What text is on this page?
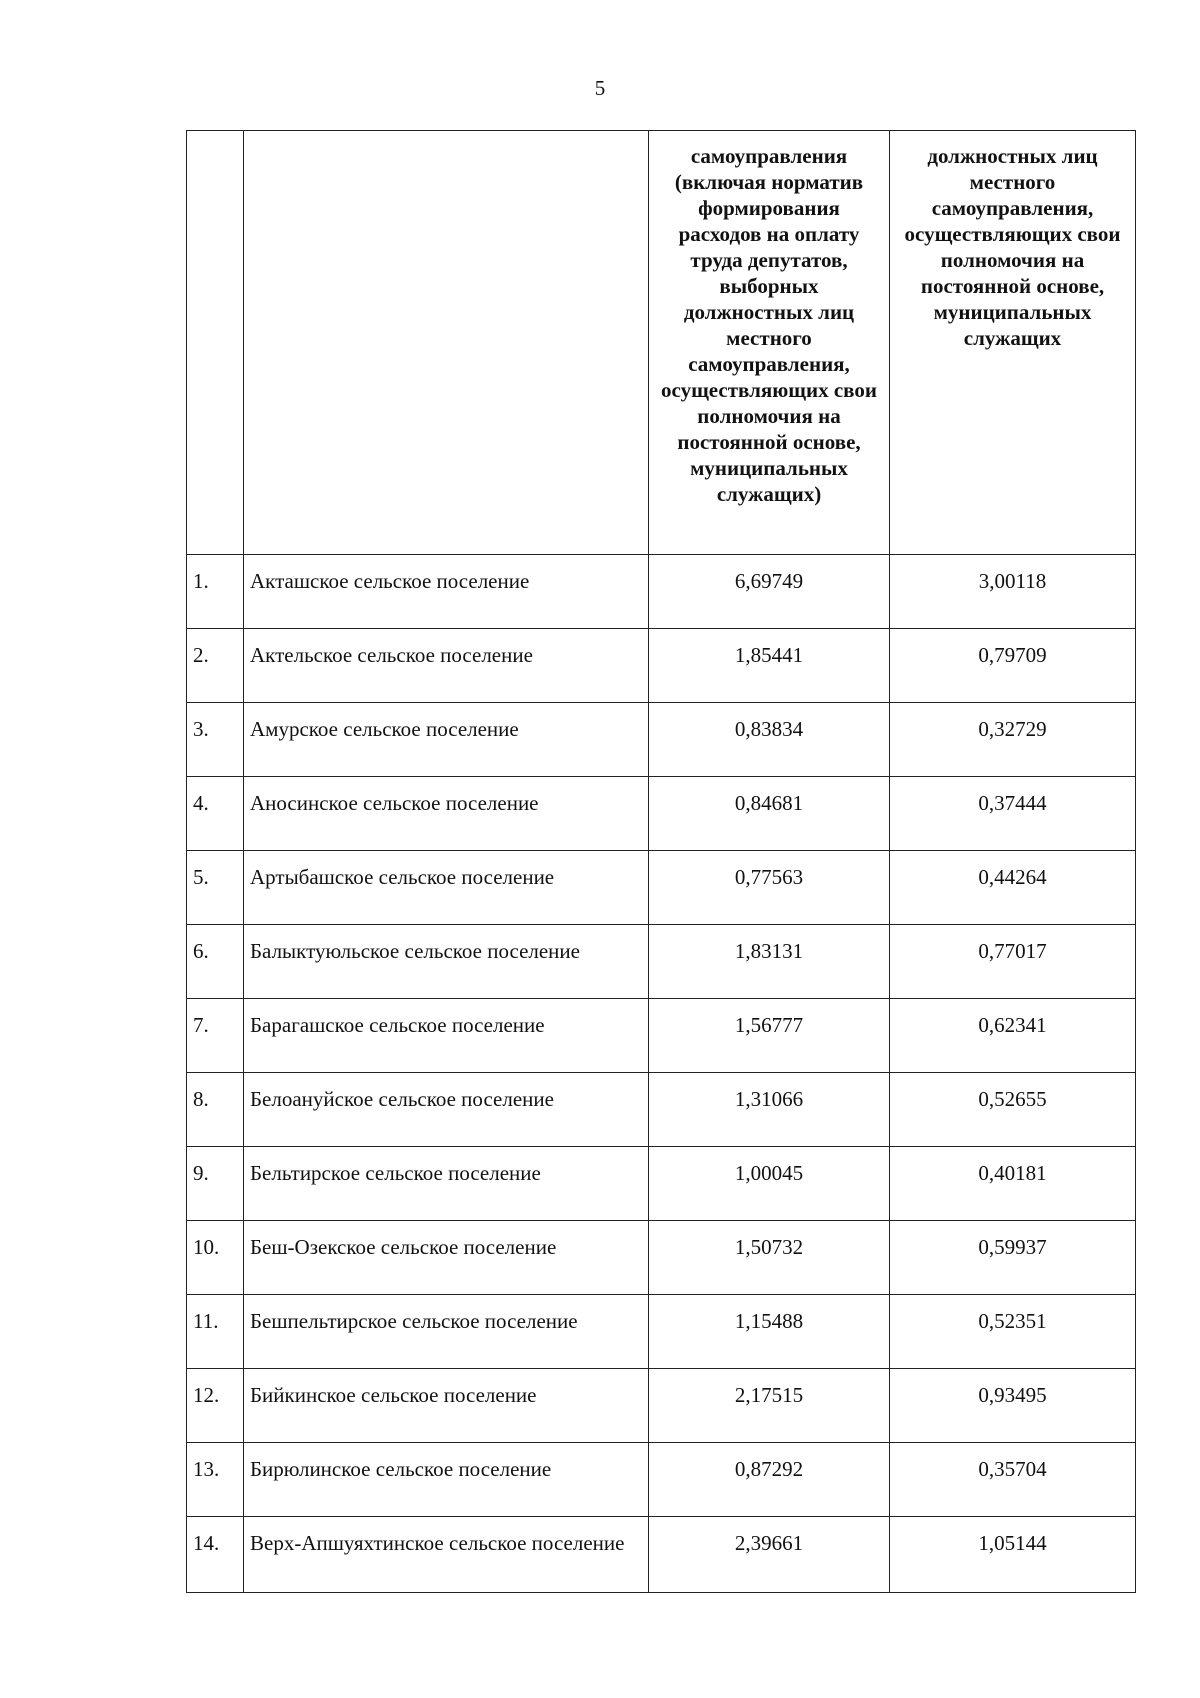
5
		самоуправления (включая норматив формирования расходов на оплату труда депутатов, выборных должностных лиц местного самоуправления, осуществляющих свои полномочия на постоянной основе, муниципальных служащих)	должностных лиц местного самоуправления, осуществляющих свои полномочия на постоянной основе, муниципальных служащих
1.	Акташское сельское поселение	6,69749	3,00118
2.	Актельское сельское поселение	1,85441	0,79709
3.	Амурское сельское поселение	0,83834	0,32729
4.	Аносинское сельское поселение	0,84681	0,37444
5.	Артыбашское сельское поселение	0,77563	0,44264
6.	Балыктуюльское сельское поселение	1,83131	0,77017
7.	Барагашское сельское поселение	1,56777	0,62341
8.	Белоануйское сельское поселение	1,31066	0,52655
9.	Бельтирское сельское поселение	1,00045	0,40181
10.	Беш-Озекское сельское поселение	1,50732	0,59937
11.	Бешпельтирское сельское поселение	1,15488	0,52351
12.	Бийкинское сельское поселение	2,17515	0,93495
13.	Бирюлинское сельское поселение	0,87292	0,35704
14.	Верх-Апшуяхтинское сельское поселение	2,39661	1,05144
